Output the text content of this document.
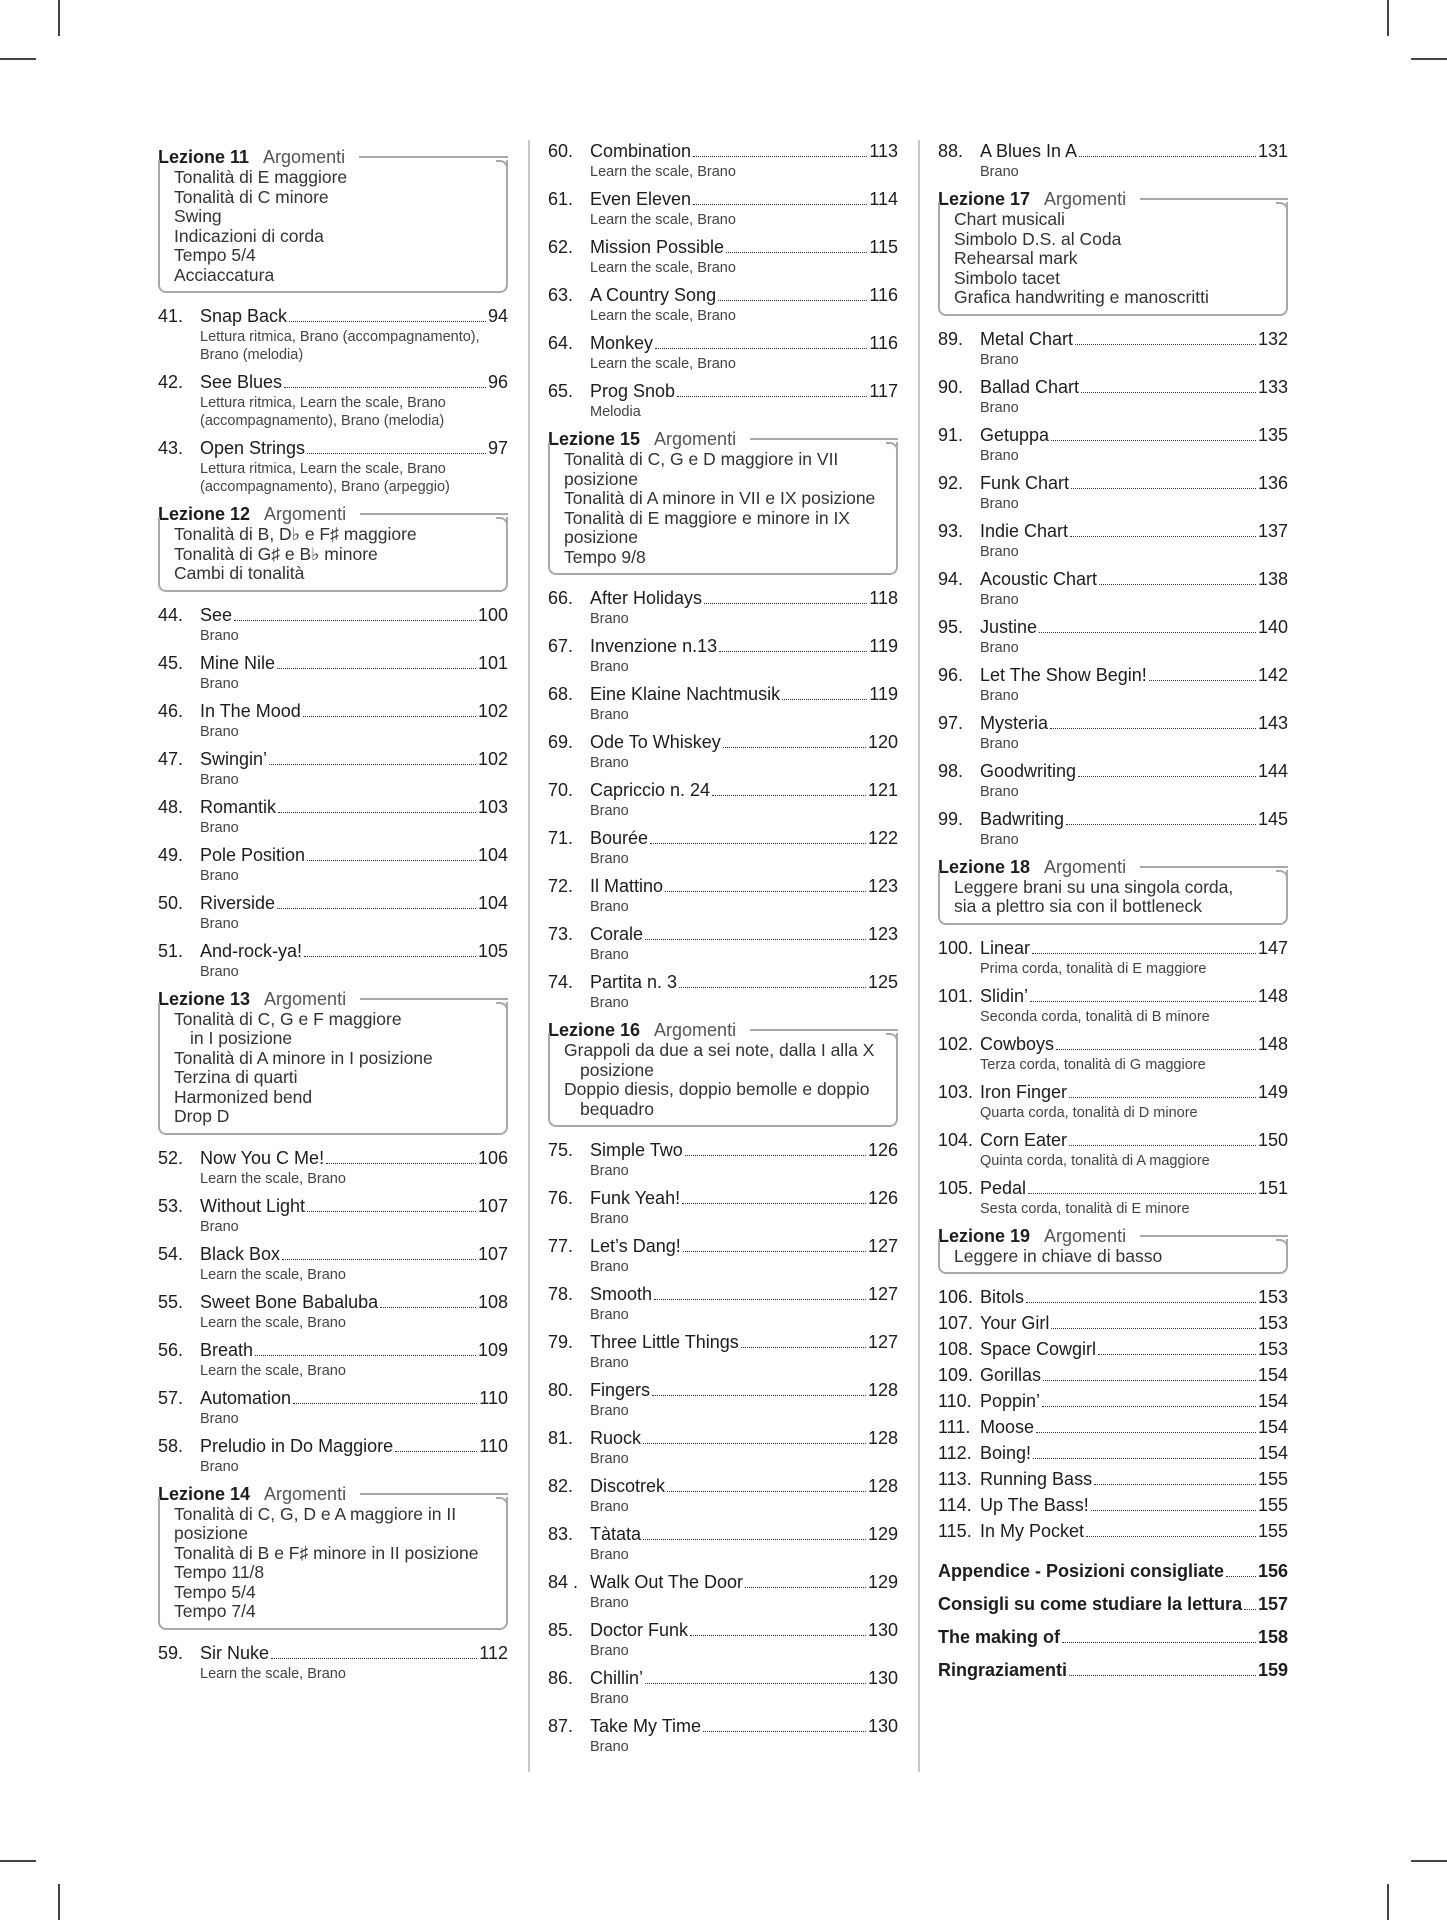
Lezione 11 Argomenti
Tonalità di E maggiore
Tonalità di C minore
Swing
Indicazioni di corda
Tempo 5/4
Acciaccatura
41. Snap Back	94
Lettura ritmica, Brano (accompagnamento), Brano (melodia)
42. See Blues	96
Lettura ritmica, Learn the scale, Brano (accompagnamento), Brano (melodia)
43. Open Strings	97
Lettura ritmica, Learn the scale, Brano (accompagnamento), Brano (arpeggio)
Lezione 12 Argomenti
Tonalità di B, D♭ e F♯ maggiore
Tonalità di G♯ e B♭ minore
Cambi di tonalità
44. See	100
Brano
45. Mine Nile	101
Brano
46. In The Mood	102
Brano
47. Swingin’	102
Brano
48. Romantik	103
Brano
49. Pole Position	104
Brano
50. Riverside	104
Brano
51. And-rock-ya!	105
Brano
Lezione 13 Argomenti
Tonalità di C, G e F maggiore
in I posizione
Tonalità di A minore in I posizione
Terzina di quarti
Harmonized bend
Drop D
52. Now You C Me!	106
Learn the scale, Brano
53. Without Light	107
Brano
54. Black Box	107
Learn the scale, Brano
55. Sweet Bone Babaluba	108
Learn the scale, Brano
56. Breath	109
Learn the scale, Brano
57. Automation	110
Brano
58. Preludio in Do Maggiore	110
Brano
Lezione 14 Argomenti
Tonalità di C, G, D e A maggiore in II posizione
Tonalità di B e F♯ minore in II posizione
Tempo 11/8
Tempo 5/4
Tempo 7/4
59. Sir Nuke	112
Learn the scale, Brano
60. Combination	113
Learn the scale, Brano
61. Even Eleven	114
Learn the scale, Brano
62. Mission Possible	115
Learn the scale, Brano
63. A Country Song	116
Learn the scale, Brano
64. Monkey	116
Learn the scale, Brano
65. Prog Snob	117
Melodia
Lezione 15 Argomenti
Tonalità di C, G e D maggiore in VII posizione
Tonalità di A minore in VII e IX posizione
Tonalità di E maggiore e minore in IX posizione
Tempo 9/8
66. After Holidays	118
Brano
67. Invenzione n.13	119
Brano
68. Eine Klaine Nachtmusik	119
Brano
69. Ode To Whiskey	120
Brano
70. Capriccio n. 24	121
Brano
71. Bourée	122
Brano
72. Il Mattino	123
Brano
73. Corale	123
Brano
74. Partita n. 3	125
Brano
Lezione 16 Argomenti
Grappoli da due a sei note, dalla I alla X
posizione
Doppio diesis, doppio bemolle e doppio
bequadro
75. Simple Two	126
Brano
76. Funk Yeah!	126
Brano
77. Let’s Dang!	127
Brano
78. Smooth	127
Brano
79. Three Little Things	127
Brano
80. Fingers	128
Brano
81. Ruock	128
Brano
82. Discotrek	128
Brano
83. Tàtata	129
Brano
84 . Walk Out The Door	129
Brano
85. Doctor Funk	130
Brano
86. Chillin’	130
Brano
87. Take My Time	130
Brano
88. A Blues In A	131
Brano
Lezione 17 Argomenti
Chart musicali
Simbolo D.S. al Coda
Rehearsal mark
Simbolo tacet
Grafica handwriting e manoscritti
89. Metal Chart	132
Brano
90. Ballad Chart	133
Brano
91. Getuppa	135
Brano
92. Funk Chart	136
Brano
93. Indie Chart	137
Brano
94. Acoustic Chart	138
Brano
95. Justine	140
Brano
96. Let The Show Begin!	142
Brano
97. Mysteria	143
Brano
98. Goodwriting	144
Brano
99. Badwriting	145
Brano
Lezione 18 Argomenti
Leggere brani su una singola corda,
sia a plettro sia con il bottleneck
100. Linear	147
Prima corda, tonalità di E maggiore
101. Slidin’	148
Seconda corda, tonalità di B minore
102. Cowboys	148
Terza corda, tonalità di G maggiore
103. Iron Finger	149
Quarta corda, tonalità di D minore
104. Corn Eater	150
Quinta corda, tonalità di A maggiore
105. Pedal	151
Sesta corda, tonalità di E minore
Lezione 19 Argomenti
Leggere in chiave di basso
106. Bitols	153
107. Your Girl	153
108. Space Cowgirl	153
109. Gorillas	154
110. Poppin’	154
111. Moose	154
112. Boing!	154
113. Running Bass	155
114. Up The Bass!	155
115. In My Pocket	155
Appendice - Posizioni consigliate 156
Consigli su come studiare la lettura 157
The making of	158
Ringraziamenti	159
